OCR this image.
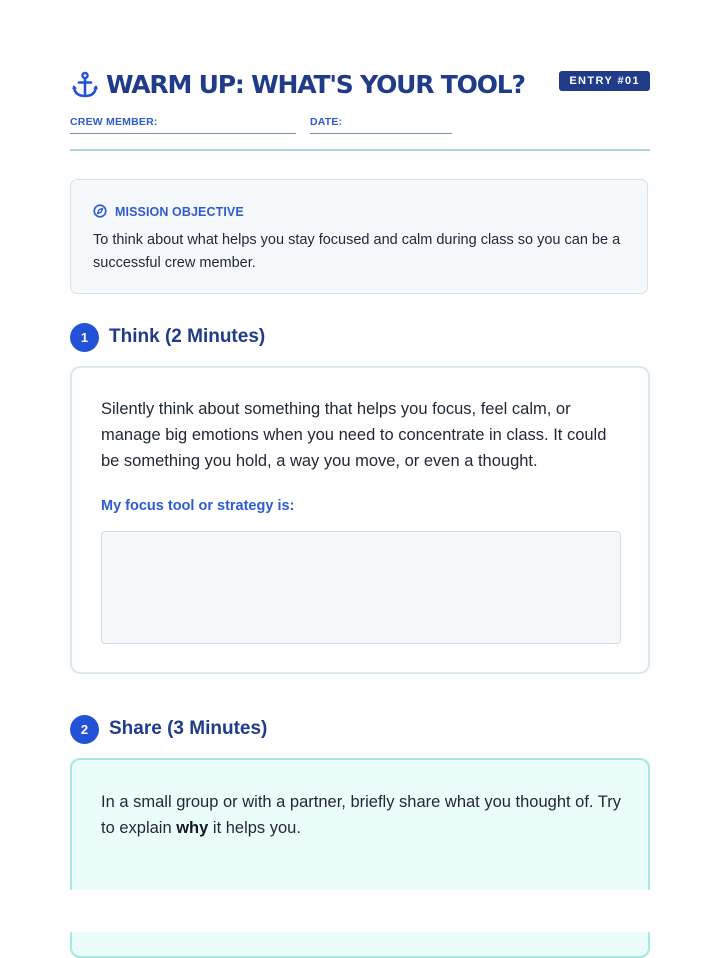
WARM UP: WHAT'S YOUR TOOL?	ENTRY #01
CREW MEMBER:	DATE:
MISSION OBJECTIVE
To think about what helps you stay focused and calm during class so you can be a successful crew member.
1	Think (2 Minutes)
Silently think about something that helps you focus, feel calm, or manage big emotions when you need to concentrate in class. It could be something you hold, a way you move, or even a thought.
My focus tool or strategy is:
2	Share (3 Minutes)
In a small group or with a partner, briefly share what you thought of. Try to explain why it helps you.
